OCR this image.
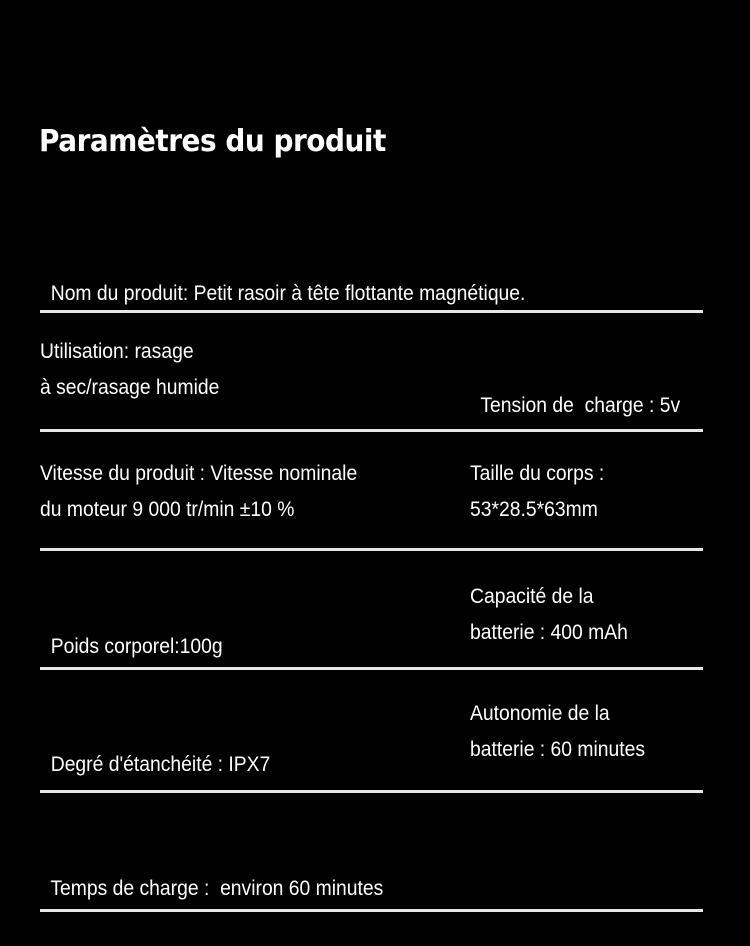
Paramètres du produit

Nom du produit: Petit rasoir à tête flottante magnétique.

Utilisation: rasage
à sec/rasage humide

Tension de  charge : 5v

Vitesse du produit : Vitesse nominale
du moteur 9 000 tr/min ±10 %
Taille du corps :
53*28.5*63mm

Poids corporel:100g

Capacité de la
batterie : 400 mAh

Degré d'étanchéité : IPX7

Autonomie de la
batterie : 60 minutes

Temps de charge :  environ 60 minutes
